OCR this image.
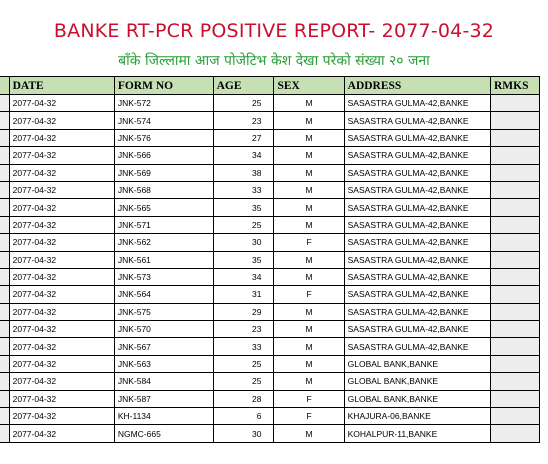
BANKE RT-PCR POSITIVE REPORT- 2077-04-32
बाँके जिल्लामा आज पोजेटिभ केश देखा परेको संख्या २० जना
	DATE	FORM NO	AGE	SEX	ADDRESS	RMKS
	2077-04-32	JNK-572	25	M	SASASTRA GULMA-42,BANKE	
	2077-04-32	JNK-574	23	M	SASASTRA GULMA-42,BANKE	
	2077-04-32	JNK-576	27	M	SASASTRA GULMA-42,BANKE	
	2077-04-32	JNK-566	34	M	SASASTRA GULMA-42,BANKE	
	2077-04-32	JNK-569	38	M	SASASTRA GULMA-42,BANKE	
	2077-04-32	JNK-568	33	M	SASASTRA GULMA-42,BANKE	
	2077-04-32	JNK-565	35	M	SASASTRA GULMA-42,BANKE	
	2077-04-32	JNK-571	25	M	SASASTRA GULMA-42,BANKE	
	2077-04-32	JNK-562	30	F	SASASTRA GULMA-42,BANKE	
	2077-04-32	JNK-561	35	M	SASASTRA GULMA-42,BANKE	
	2077-04-32	JNK-573	34	M	SASASTRA GULMA-42,BANKE	
	2077-04-32	JNK-564	31	F	SASASTRA GULMA-42,BANKE	
	2077-04-32	JNK-575	29	M	SASASTRA GULMA-42,BANKE	
	2077-04-32	JNK-570	23	M	SASASTRA GULMA-42,BANKE	
	2077-04-32	JNK-567	33	M	SASASTRA GULMA-42,BANKE	
	2077-04-32	JNK-563	25	M	GLOBAL BANK,BANKE	
	2077-04-32	JNK-584	25	M	GLOBAL BANK,BANKE	
	2077-04-32	JNK-587	28	F	GLOBAL BANK,BANKE	
	2077-04-32	KH-1134	6	F	KHAJURA-06,BANKE	
	2077-04-32	NGMC-665	30	M	KOHALPUR-11,BANKE	
